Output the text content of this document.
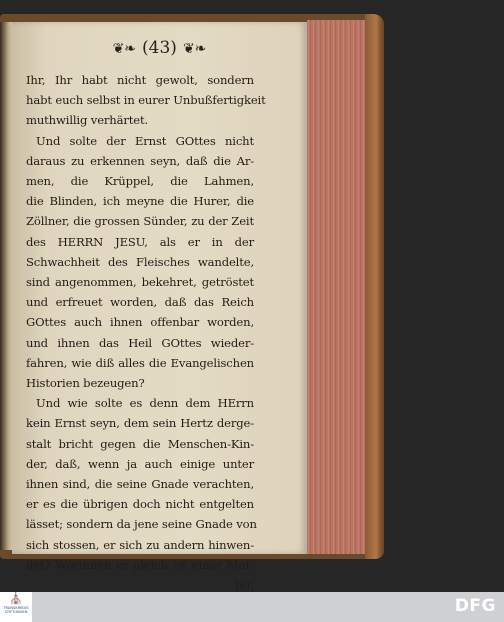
❦❧ (43) ❦❧
Ihr, Ihr habt nicht gewolt, sondern
habt euch selbst in eurer Unbußfertigkeit
muthwillig verhärtet.
Und solte der Ernst GOttes nicht
daraus zu erkennen seyn, daß die Ar-
men, die Krüppel, die Lahmen,
die Blinden, ich meyne die Hurer, die
Zöllner, die grossen Sünder, zu der Zeit
des HERRN JESU, als er in der
Schwachheit des Fleisches wandelte,
sind angenommen, bekehret, getröstet
und erfreuet worden, daß das Reich
GOttes auch ihnen offenbar worden,
und ihnen das Heil GOttes wieder-
fahren, wie diß alles die Evangelischen
Historien bezeugen?
Und wie solte es denn dem HErrn
kein Ernst seyn, dem sein Hertz derge-
stalt bricht gegen die Menschen-Kin-
der, daß, wenn ja auch einige unter
ihnen sind, die seine Gnade verachten,
er es die übrigen doch nicht entgelten
lässet; sondern da jene seine Gnade von
sich stossen, er sich zu andern hinwen-
det? Worinnen er gleich ist einer Mut-
ter,
⛪
TRANSKRIBUS STIFTUNGEN	DFG
